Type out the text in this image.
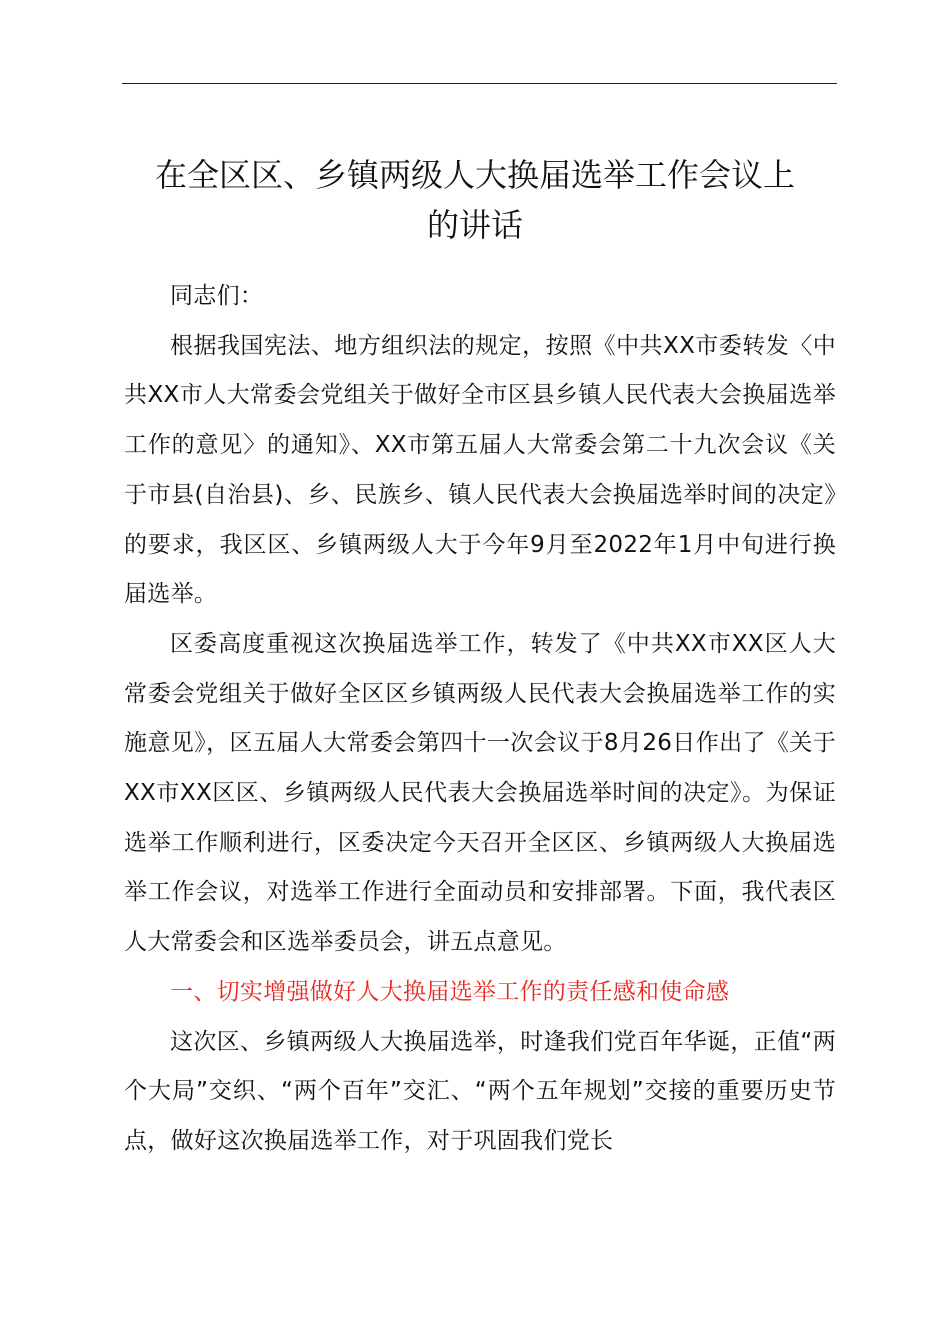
在全区区、乡镇两级人大换届选举工作会议上
的讲话

同志们：

根据我国宪法、地方组织法的规定，按照《中共XX市委转发〈中共XX市人大常委会党组关于做好全市区县乡镇人民代表大会换届选举工作的意见〉的通知》、XX市第五届人大常委会第二十九次会议《关于市县(自治县)、乡、民族乡、镇人民代表大会换届选举时间的决定》的要求，我区区、乡镇两级人大于今年9月至2022年1月中旬进行换届选举。

区委高度重视这次换届选举工作，转发了《中共XX市XX区人大常委会党组关于做好全区区乡镇两级人民代表大会换届选举工作的实施意见》，区五届人大常委会第四十一次会议于8月26日作出了《关于XX市XX区区、乡镇两级人民代表大会换届选举时间的决定》。为保证选举工作顺利进行，区委决定今天召开全区区、乡镇两级人大换届选举工作会议，对选举工作进行全面动员和安排部署。下面，我代表区人大常委会和区选举委员会，讲五点意见。

一、切实增强做好人大换届选举工作的责任感和使命感

这次区、乡镇两级人大换届选举，时逢我们党百年华诞，正值“两个大局”交织、“两个百年”交汇、“两个五年规划”交接的重要历史节点，做好这次换届选举工作，对于巩固我们党长
